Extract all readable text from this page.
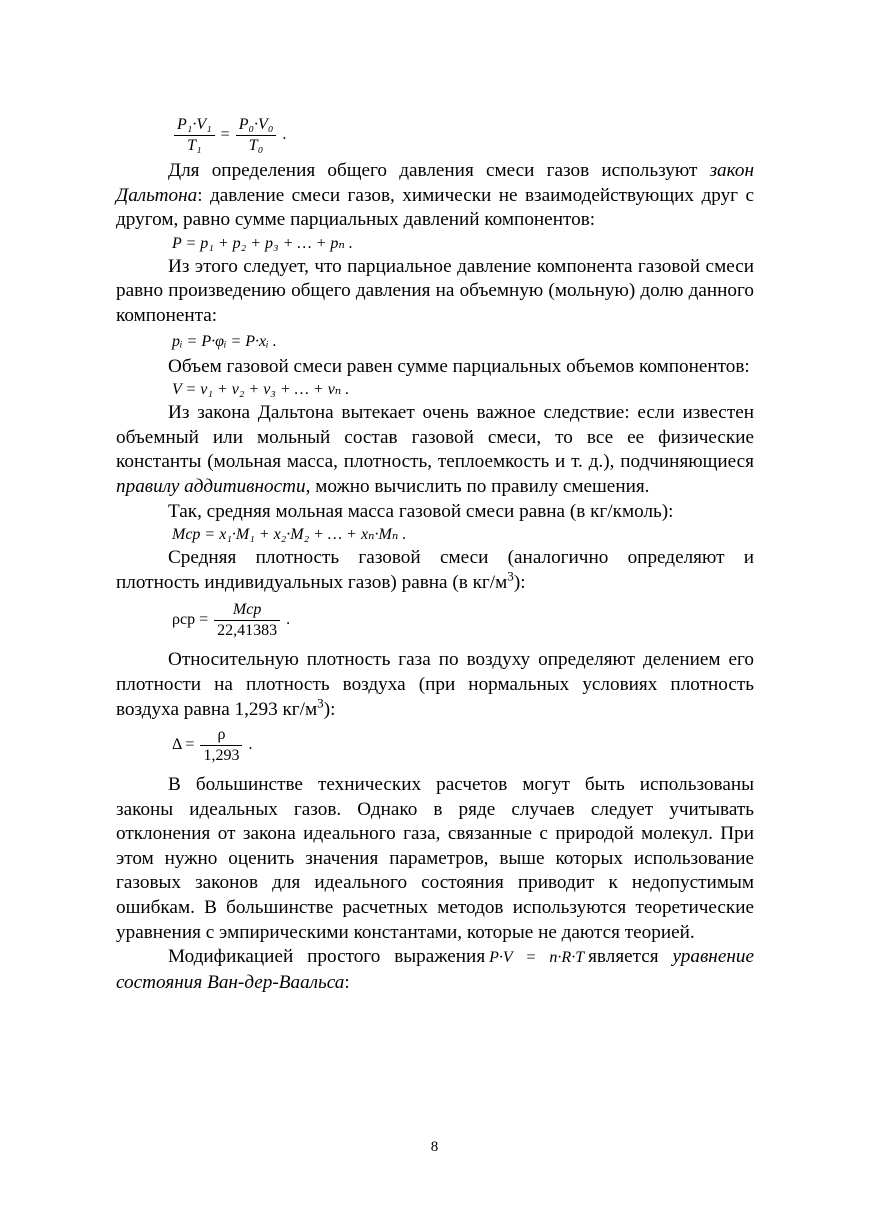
$\frac{\text{P₁·V₁}}{\text{T₁}} = \frac{\text{P₀·V₀}}{\text{T₀}}$ .

Для определения общего давления смеси газов используют закон Дальтона: давление смеси газов, химически не взаимодействующих друг с другом, равно сумме парциальных давлений компонентов:

P = p₁ + p₂ + p₃ + … + pₙ .

Из этого следует, что парциальное давление компонента газовой смеси равно произведению общего давления на объемную (мольную) долю данного компонента:

pᵢ = P·φᵢ = P·xᵢ .

Объем газовой смеси равен сумме парциальных объемов компонентов:

V = v₁ + v₂ + v₃ + … + vₙ .

Из закона Дальтона вытекает очень важное следствие: если известен объемный или мольный состав газовой смеси, то все ее физические константы (мольная масса, плотность, теплоемкость и т. д.), подчиняющиеся правилу аддитивности, можно вычислить по правилу смешения.

Так, средняя мольная масса газовой смеси равна (в кг/кмоль):

Mср = x₁·M₁ + x₂·M₂ + … + xₙ·Mₙ .

Средняя плотность газовой смеси (аналогично определяют и плотность индивидуальных газов) равна (в $кг/м^3$):

$\rho ср = \frac{\text{Mср}}{22,41383}$ .

Относительную плотность газа по воздуху определяют делением его плотности на плотность воздуха (при нормальных условиях плотность воздуха равна 1,293 $кг/м^3$):

$\Delta = \frac{\rho}{1,293}$ .

В большинстве технических расчетов могут быть использованы законы идеальных газов. Однако в ряде случаев следует учитывать отклонения от закона идеального газа, связанные с природой молекул. При этом нужно оценить значения параметров, выше которых использование газовых законов для идеального состояния приводит к недопустимым ошибкам. В большинстве расчетных методов используются теоретические уравнения с эмпирическими константами, которые не даются теорией.

Модификацией простого выражения P·V = n·R·T является уравнение состояния Ван-дер-Ваальса:

8
